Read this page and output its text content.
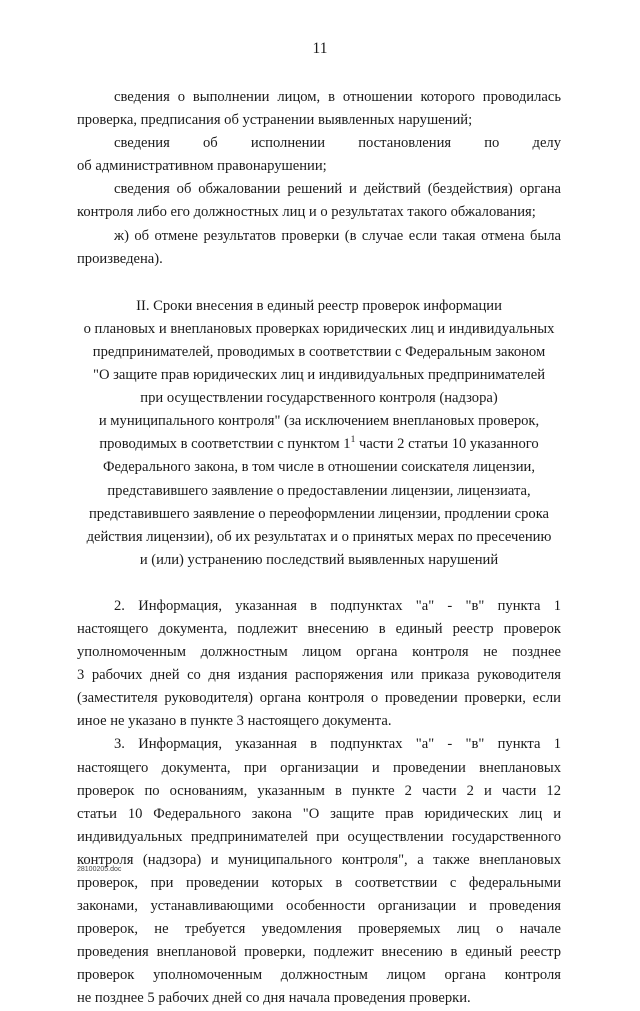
11
сведения о выполнении лицом, в отношении которого проводилась
проверка, предписания об устранении выявленных нарушений;
сведения об исполнении постановления по делу
об административном правонарушении;
сведения об обжаловании решений и действий (бездействия) органа
контроля либо его должностных лиц и о результатах такого обжалования;
ж) об отмене результатов проверки (в случае если такая отмена была
произведена).
II. Сроки внесения в единый реестр проверок информации
о плановых и внеплановых проверках юридических лиц и индивидуальных
предпринимателей, проводимых в соответствии с Федеральным законом
"О защите прав юридических лиц и индивидуальных предпринимателей
при осуществлении государственного контроля (надзора)
и муниципального контроля" (за исключением внеплановых проверок,
проводимых в соответствии с пунктом $1^1$ части 2 статьи 10 указанного
Федерального закона, в том числе в отношении соискателя лицензии,
представившего заявление о предоставлении лицензии, лицензиата,
представившего заявление о переоформлении лицензии, продлении срока
действия лицензии), об их результатах и о принятых мерах по пресечению
и (или) устранению последствий выявленных нарушений
2. Информация, указанная в подпунктах "а" - "в" пункта 1
настоящего документа, подлежит внесению в единый реестр проверок
уполномоченным должностным лицом органа контроля не позднее
3 рабочих дней со дня издания распоряжения или приказа руководителя
(заместителя руководителя) органа контроля о проведении проверки, если
иное не указано в пункте 3 настоящего документа.
3. Информация, указанная в подпунктах "а" - "в" пункта 1
настоящего документа, при организации и проведении внеплановых
проверок по основаниям, указанным в пункте 2 части 2 и части 12
статьи 10 Федерального закона "О защите прав юридических лиц и
индивидуальных предпринимателей при осуществлении государственного
контроля (надзора) и муниципального контроля", а также внеплановых
проверок, при проведении которых в соответствии с федеральными
законами, устанавливающими особенности организации и проведения
проверок, не требуется уведомления проверяемых лиц о начале
проведения внеплановой проверки, подлежит внесению в единый реестр
проверок уполномоченным должностным лицом органа контроля
не позднее 5 рабочих дней со дня начала проведения проверки.
28100205.doc
